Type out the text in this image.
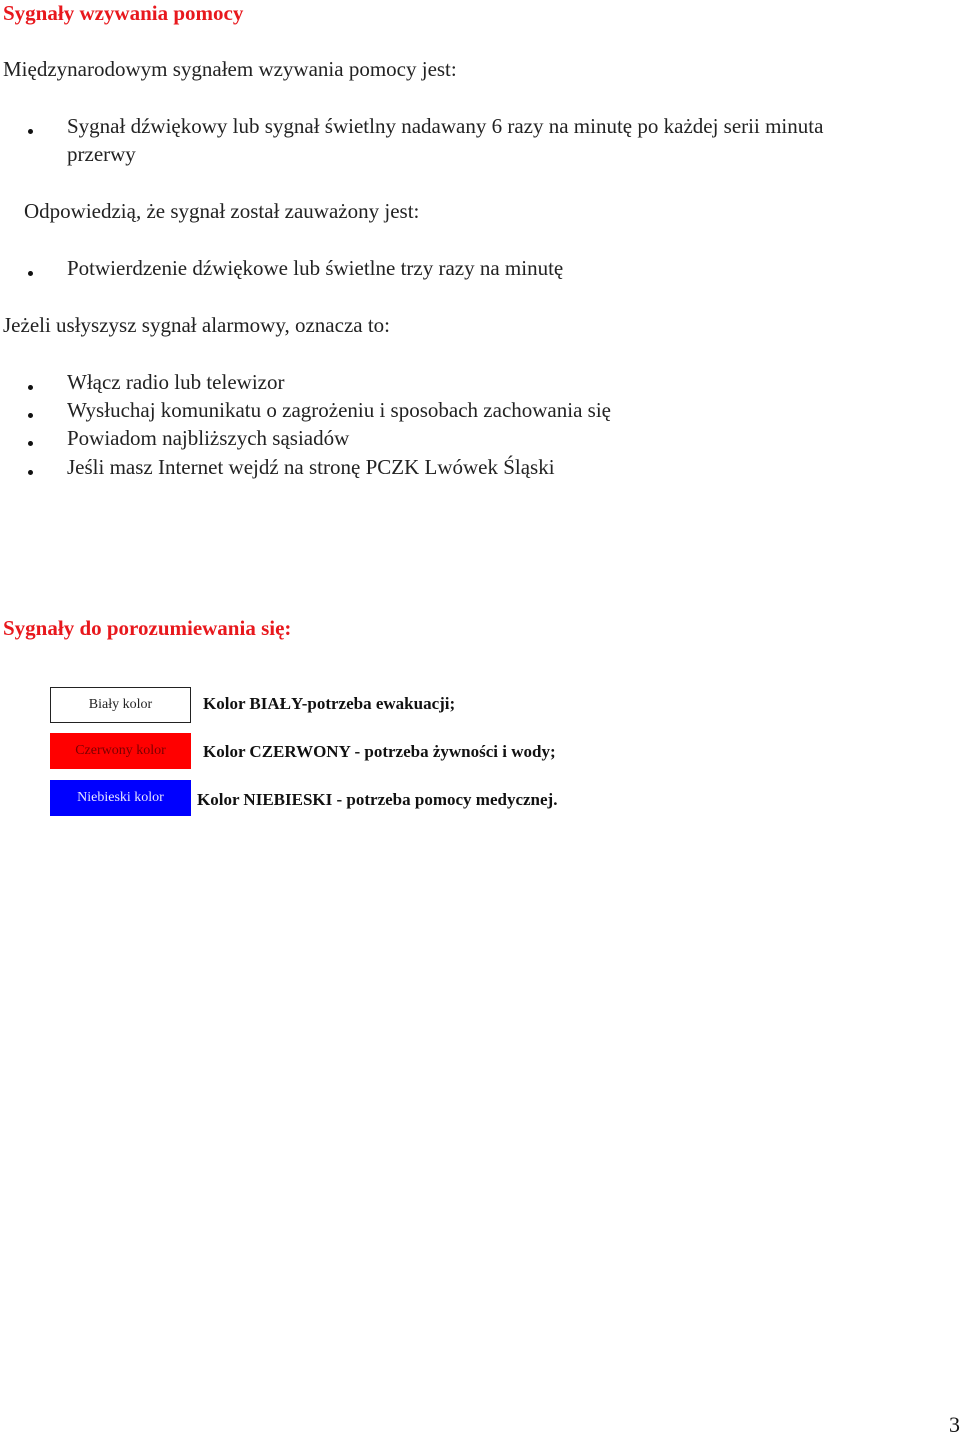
Sygnały wzywania pomocy
Międzynarodowym sygnałem wzywania pomocy jest:
Sygnał dźwiękowy lub sygnał świetlny nadawany 6 razy na minutę po każdej serii minuta
przerwy
Odpowiedzią, że sygnał został zauważony jest:
Potwierdzenie dźwiękowe lub świetlne trzy razy na minutę
Jeżeli usłyszysz sygnał alarmowy, oznacza to:
Włącz radio lub telewizor
Wysłuchaj komunikatu o zagrożeniu i sposobach zachowania się
Powiadom najbliższych sąsiadów
Jeśli masz Internet wejdź na stronę PCZK Lwówek Śląski
Sygnały do porozumiewania się:
Biały kolor	Kolor BIAŁY-potrzeba ewakuacji;
Czerwony kolor	Kolor CZERWONY - potrzeba żywności i wody;
Niebieski kolor	Kolor NIEBIESKI - potrzeba pomocy medycznej.
3
